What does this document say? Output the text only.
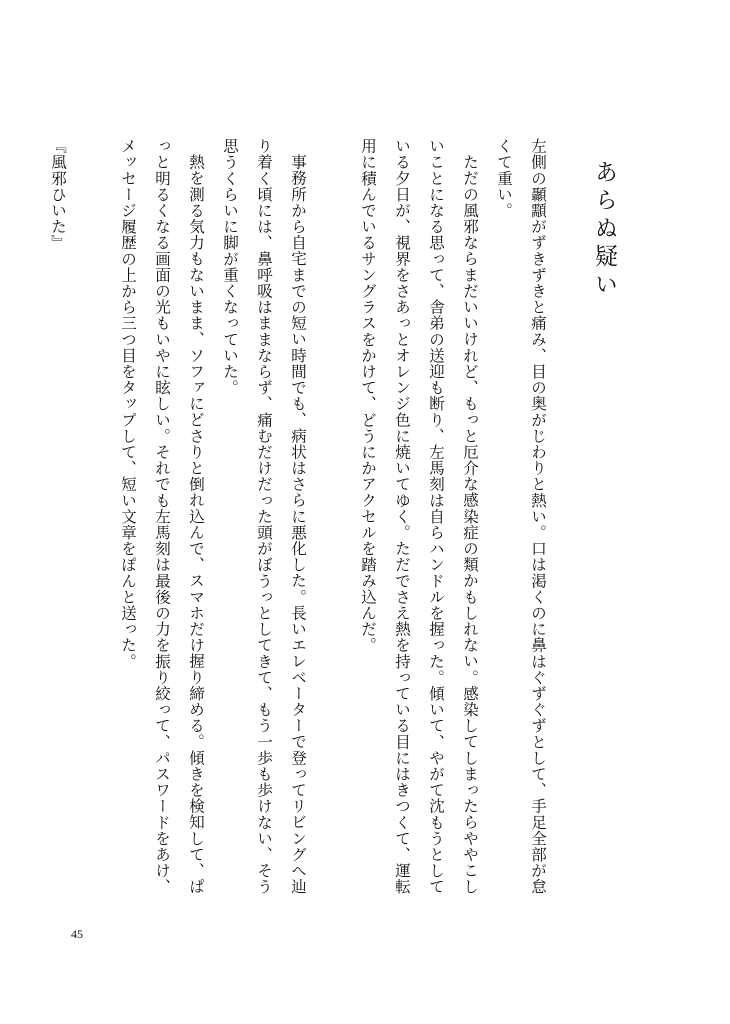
あらぬ疑い

左側の顳顬がずきずきと痛み、目の奥がじわりと熱い。口は渇くのに鼻はぐずぐずとして、手足全部が怠くて重い。

ただの風邪ならまだいいけれど、もっと厄介な感染症の類かもしれない。感染してしまったらややこしいことになる思って、舎弟の送迎も断り、左馬刻は自らハンドルを握った。傾いて、やがて沈もうとしている夕日が、視界をさあっとオレンジ色に焼いてゆく。ただでさえ熱を持っている目にはきつくて、運転用に積んでいるサングラスをかけて、どうにかアクセルを踏み込んだ。

事務所から自宅までの短い時間でも、病状はさらに悪化した。長いエレベーターで登ってリビングへ辿り着く頃には、鼻呼吸はままならず、痛むだけだった頭がぼうっとしてきて、もう一歩も歩けない、そう思うくらいに脚が重くなっていた。

熱を測る気力もないまま、ソファにどさりと倒れ込んで、スマホだけ握り締める。傾きを検知して、ぱっと明るくなる画面の光もいやに眩しい。それでも左馬刻は最後の力を振り絞って、パスワードをあけ、メッセージ履歴の上から三つ目をタップして、短い文章をぽんと送った。

『風邪ひいた』

45
